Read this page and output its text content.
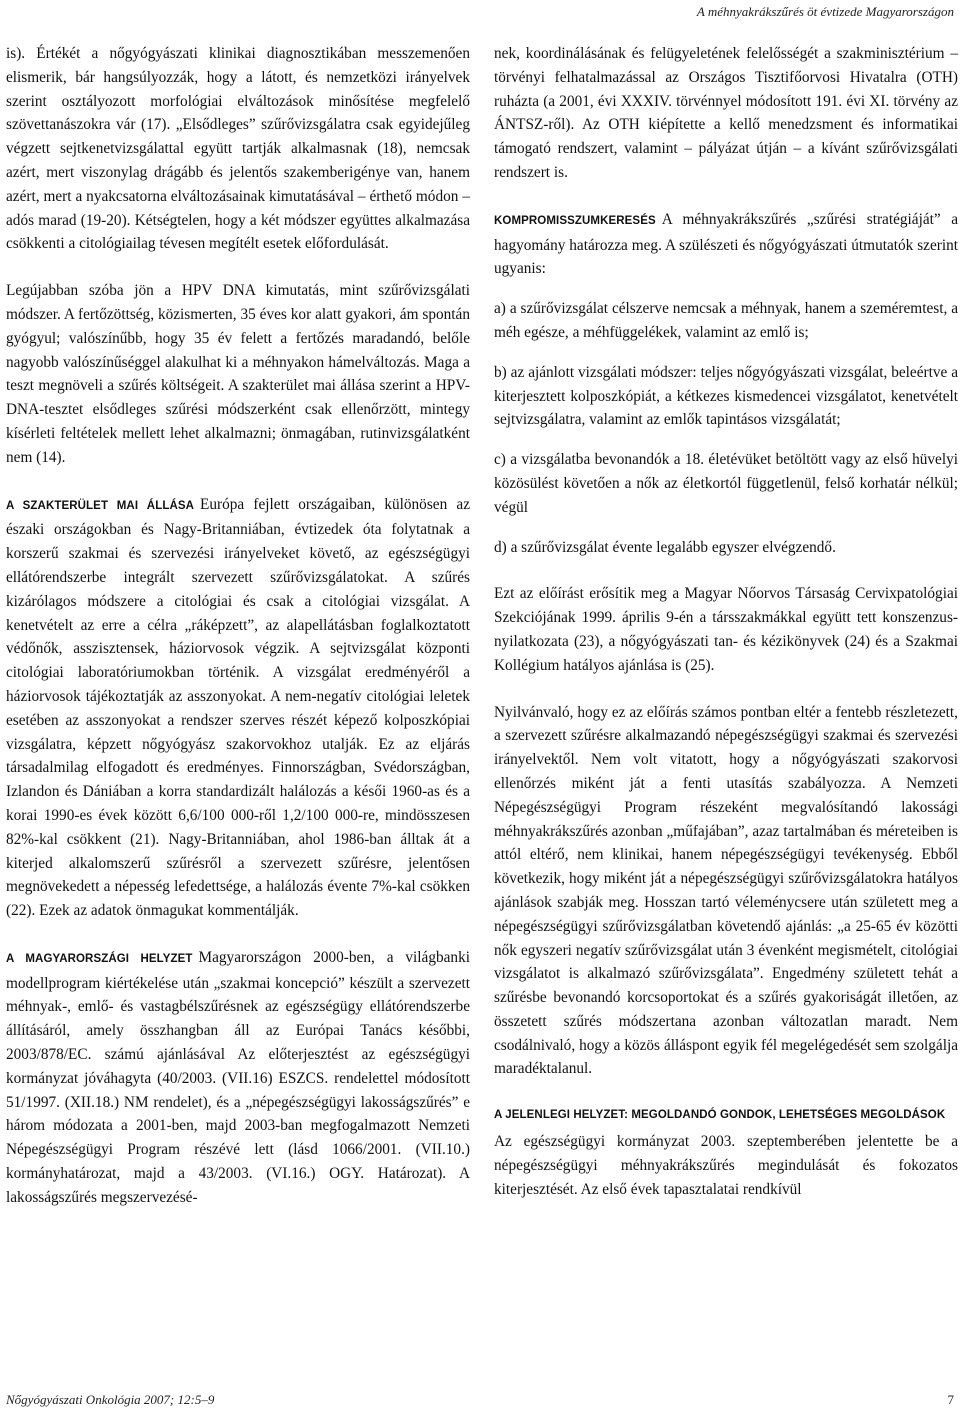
A méhnyakrákszűrés öt évtizede Magyarországon

is). Értékét a nőgyógyászati klinikai diagnosztikában messzemenően elismerik, bár hangsúlyozzák, hogy a látott, és nemzetközi irányelvek szerint osztályozott morfológiai elváltozások minősítése megfelelő szövettanászokra vár (17). „Elsődleges” szűrővizsgálatra csak egyidejűleg végzett sejtkenetvizsgálattal együtt tartják alkalmasnak (18), nemcsak azért, mert viszonylag drágább és jelentős szakemberigénye van, hanem azért, mert a nyakcsatorna elváltozásainak kimutatásával – érthető módon – adós marad (19-20). Kétségtelen, hogy a két módszer együttes alkalmazása csökkenti a citológiailag tévesen megítélt esetek előfordulását.

Legújabban szóba jön a HPV DNA kimutatás, mint szűrővizsgálati módszer. A fertőzöttség, közismerten, 35 éves kor alatt gyakori, ám spontán gyógyul; valószínűbb, hogy 35 év felett a fertőzés maradandó, belőle nagyobb valószínűséggel alakulhat ki a méhnyakon hámelváltozás. Maga a teszt megnöveli a szűrés költségeit. A szakterület mai állása szerint a HPV-DNA-tesztet elsődleges szűrési módszerként csak ellenőrzött, mintegy kísérleti feltételek mellett lehet alkalmazni; önmagában, rutinvizsgálatként nem (14).

A SZAKTERÜLET MAI ÁLLÁSA Európa fejlett országaiban, különösen az északi országokban és Nagy-Britanniában, évtizedek óta folytatnak a korszerű szakmai és szervezési irányelveket követő, az egészségügyi ellátórendszerbe integrált szervezett szűrővizsgálatokat. A szűrés kizárólagos módszere a citológiai és csak a citológiai vizsgálat. A kenetvételt az erre a célra „ráképzett”, az alapellátásban foglalkoztatott védőnők, asszisztensek, háziorvosok végzik. A sejtvizsgálat központi citológiai laboratóriumokban történik. A vizsgálat eredményéről a háziorvosok tájékoztatják az asszonyokat. A nem-negatív citológiai leletek esetében az asszonyokat a rendszer szerves részét képező kolposzkópiai vizsgálatra, képzett nőgyógyász szakorvokhoz utalják. Ez az eljárás társadalmilag elfogadott és eredményes. Finnországban, Svédországban, Izlandon és Dániában a korra standardizált halálozás a késői 1960-as és a korai 1990-es évek között 6,6/100 000-ről 1,2/100 000-re, mindösszesen 82%-kal csökkent (21). Nagy-Britanniában, ahol 1986-ban álltak át a kiterjed alkalomszerű szűrésről a szervezett szűrésre, jelentősen megnövekedett a népesség lefedettsége, a halálozás évente 7%-kal csökken (22). Ezek az adatok önmagukat kommentálják.

A MAGYARORSZÁGI HELYZET Magyarországon 2000-ben, a világbanki modellprogram kiértékelése után „szakmai koncepció” készült a szervezett méhnyak-, emlő- és vastagbélszűrésnek az egészségügy ellátórendszerbe állításáról, amely összhangban áll az Európai Tanács későbbi, 2003/878/EC. számú ajánlásával Az előterjesztést az egészségügyi kormányzat jóváhagyta (40/2003. (VII.16) ESZCS. rendelettel módosított 51/1997. (XII.18.) NM rendelet), és a „népegészségügyi lakosságszűrés” e három módozata a 2001-ben, majd 2003-ban megfogalmazott Nemzeti Népegészségügyi Program részévé lett (lásd 1066/2001. (VII.10.) kormányhatározat, majd a 43/2003. (VI.16.) OGY. Határozat). A lakosságszűrés megszervezésé-

nek, koordinálásának és felügyeletének felelősségét a szakminisztérium – törvényi felhatalmazással az Országos Tisztifőorvosi Hivatalra (OTH) ruházta (a 2001, évi XXXIV. törvénnyel módosított 191. évi XI. törvény az ÁNTSZ-ről). Az OTH kiépítette a kellő menedzsment és informatikai támogató rendszert, valamint – pályázat útján – a kívánt szűrővizsgálati rendszert is.

KOMPROMISSZUMKERESÉS A méhnyakrákszűrés „szűrési stratégiáját” a hagyomány határozza meg. A szülészeti és nőgyógyászati útmutatók szerint ugyanis:

a) a szűrővizsgálat célszerve nemcsak a méhnyak, hanem a szeméremtest, a méh egésze, a méhfüggelékek, valamint az emlő is;

b) az ajánlott vizsgálati módszer: teljes nőgyógyászati vizsgálat, beleértve a kiterjesztett kolposzkópiát, a kétkezes kismedencei vizsgálatot, kenetvételt sejtvizsgálatra, valamint az emlők tapintásos vizsgálatát;

c) a vizsgálatba bevonandók a 18. életévüket betöltött vagy az első hüvelyi közösülést követően a nők az életkortól függetlenül, felső korhatár nélkül; végül

d) a szűrővizsgálat évente legalább egyszer elvégzendő.

Ezt az előírást erősítik meg a Magyar Nőorvos Társaság Cervixpatológiai Szekciójának 1999. április 9-én a társszakmákkal együtt tett konszenzus-nyilatkozata (23), a nőgyógyászati tan- és kézikönyvek (24) és a Szakmai Kollégium hatályos ajánlása is (25).

Nyilvánvaló, hogy ez az előírás számos pontban eltér a fentebb részletezett, a szervezett szűrésre alkalmazandó népegészségügyi szakmai és szervezési irányelvektől. Nem volt vitatott, hogy a nőgyógyászati szakorvosi ellenőrzés miként ját a fenti utasítás szabályozza. A Nemzeti Népegészségügyi Program részeként megvalósítandó lakossági méhnyakrákszűrés azonban „műfajában”, azaz tartalmában és méreteiben is attól eltérő, nem klinikai, hanem népegészségügyi tevékenység. Ebből következik, hogy miként ját a népegészségügyi szűrővizsgálatokra hatályos ajánlások szabják meg. Hosszan tartó véleménycsere után született meg a népegészségügyi szűrővizsgálatban követendő ajánlás: „a 25-65 év közötti nők egyszeri negatív szűrővizsgálat után 3 évenként megismételt, citológiai vizsgálatot is alkalmazó szűrővizsgálata”. Engedmény született tehát a szűrésbe bevonandó korcsoportokat és a szűrés gyakoriságát illetően, az összetett szűrés módszertana azonban változatlan maradt. Nem csodálnivaló, hogy a közös álláspont egyik fél megelégedését sem szolgálja maradéktalanul.

A JELENLEGI HELYZET: MEGOLDANDÓ GONDOK, LEHETSÉGES MEGOLDÁSOK
Az egészségügyi kormányzat 2003. szeptemberében jelentette be a népegészségügyi méhnyakrákszűrés megindulását és fokozatos kiterjesztését. Az első évek tapasztalatai rendkívül

Nőgyógyászati Onkológia 2007; 12:5–9	7
